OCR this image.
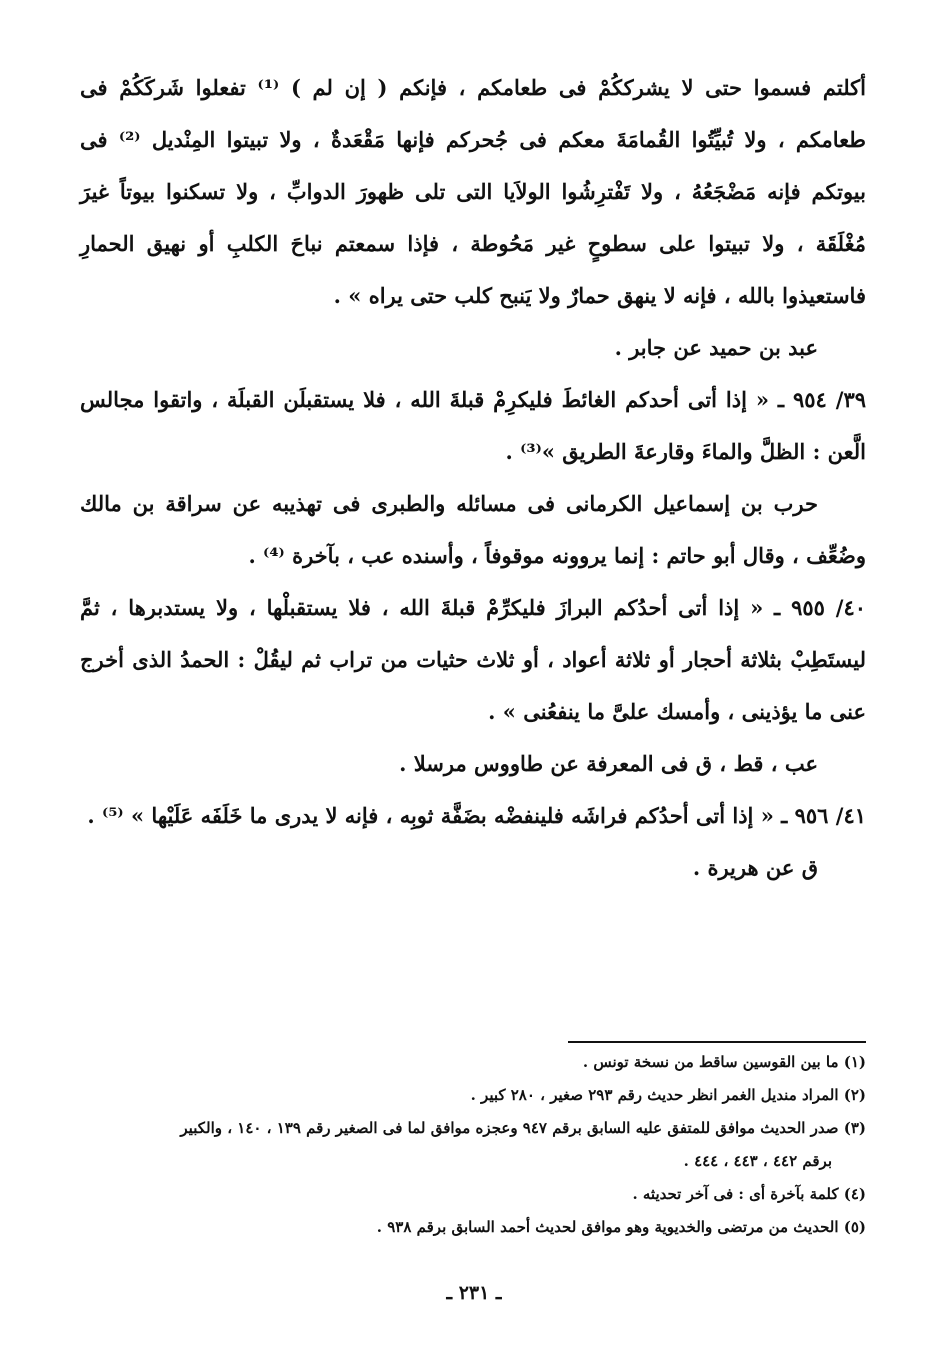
أكلتم فسموا حتى لا يشرككُمْ فى طعامكم ، فإنكم ( إن لم ) ⁽¹⁾ تفعلوا شَركَكُمْ فى طعامكم ، ولا تُبيِّتُوا القُمامَةَ معكم فى جُحركم فإنها مَقْعَدةٌ ، ولا تبيتوا المِنْديل ⁽²⁾ فى بيوتكم فإنه مَضْجَعُهُ ، ولا تَفْترِشُوا الولاَيا التى تلى ظهورَ الدوابِّ ، ولا تسكنوا بيوتاً غيرَ مُغْلَقَة ، ولا تبيتوا على سطوحٍ غير مَحُوطة ، فإذا سمعتم نباحَ الكلبِ أو نهيق الحمارِ فاستعيذوا بالله ، فإنه لا ينهق حمارٌ ولا يَنبح كلب حتى يراه » .

عبد بن حميد عن جابر .

٣٩/ ٩٥٤ ـ « إذا أتى أحدكم الغائطَ فليكرِمْ قبلةَ الله ، فلا يستقبلَن القبلَة ، واتقوا مجالس الَّعن : الظلَّ والماءَ وقارعةَ الطريق »⁽³⁾ .

حرب بن إسماعيل الكرمانى فى مسائله والطبرى فى تهذيبه عن سراقة بن مالك وضُعِّف ، وقال أبو حاتم : إنما يروونه موقوفاً ، وأسنده عب ، بآخرة ⁽⁴⁾ .

٤٠/ ٩٥٥ ـ « إذا أتى أحدُكم البرازَ فليكرِّمْ قبلةَ الله ، فلا يستقبلْها ، ولا يستدبرها ، ثمَّ ليستَطِبْ بثلاثة أحجار أو ثلاثة أعواد ، أو ثلاث حثيات من تراب ثم ليقُلْ : الحمدُ الذى أخرج عنى ما يؤذينى ، وأمسك علىَّ ما ينفعُنى » .

عب ، قط ، ق فى المعرفة عن طاووس مرسلا .

٤١/ ٩٥٦ ـ « إذا أتى أحدُكم فراشَه فلينفضْه بضَفَّة ثوبِه ، فإنه لا يدرى ما خَلَفَه عَلَيْها » ⁽⁵⁾ .

ق عن هريرة .

(١) ما بين القوسين ساقط من نسخة تونس .

(٢) المراد منديل الغمر انظر حديث رقم ٢٩٣ صغير ، ٢٨٠ كبير .

(٣) صدر الحديث موافق للمتفق عليه السابق برقم ٩٤٧ وعجزه موافق لما فى الصغير رقم ١٣٩ ، ١٤٠ ، والكبير

برقم ٤٤٢ ، ٤٤٣ ، ٤٤٤ .

(٤) كلمة بآخرة أى : فى آخر تحديثه .

(٥) الحديث من مرتضى والخديوية وهو موافق لحديث أحمد السابق برقم ٩٣٨ .

ـ ٢٣١ ـ
